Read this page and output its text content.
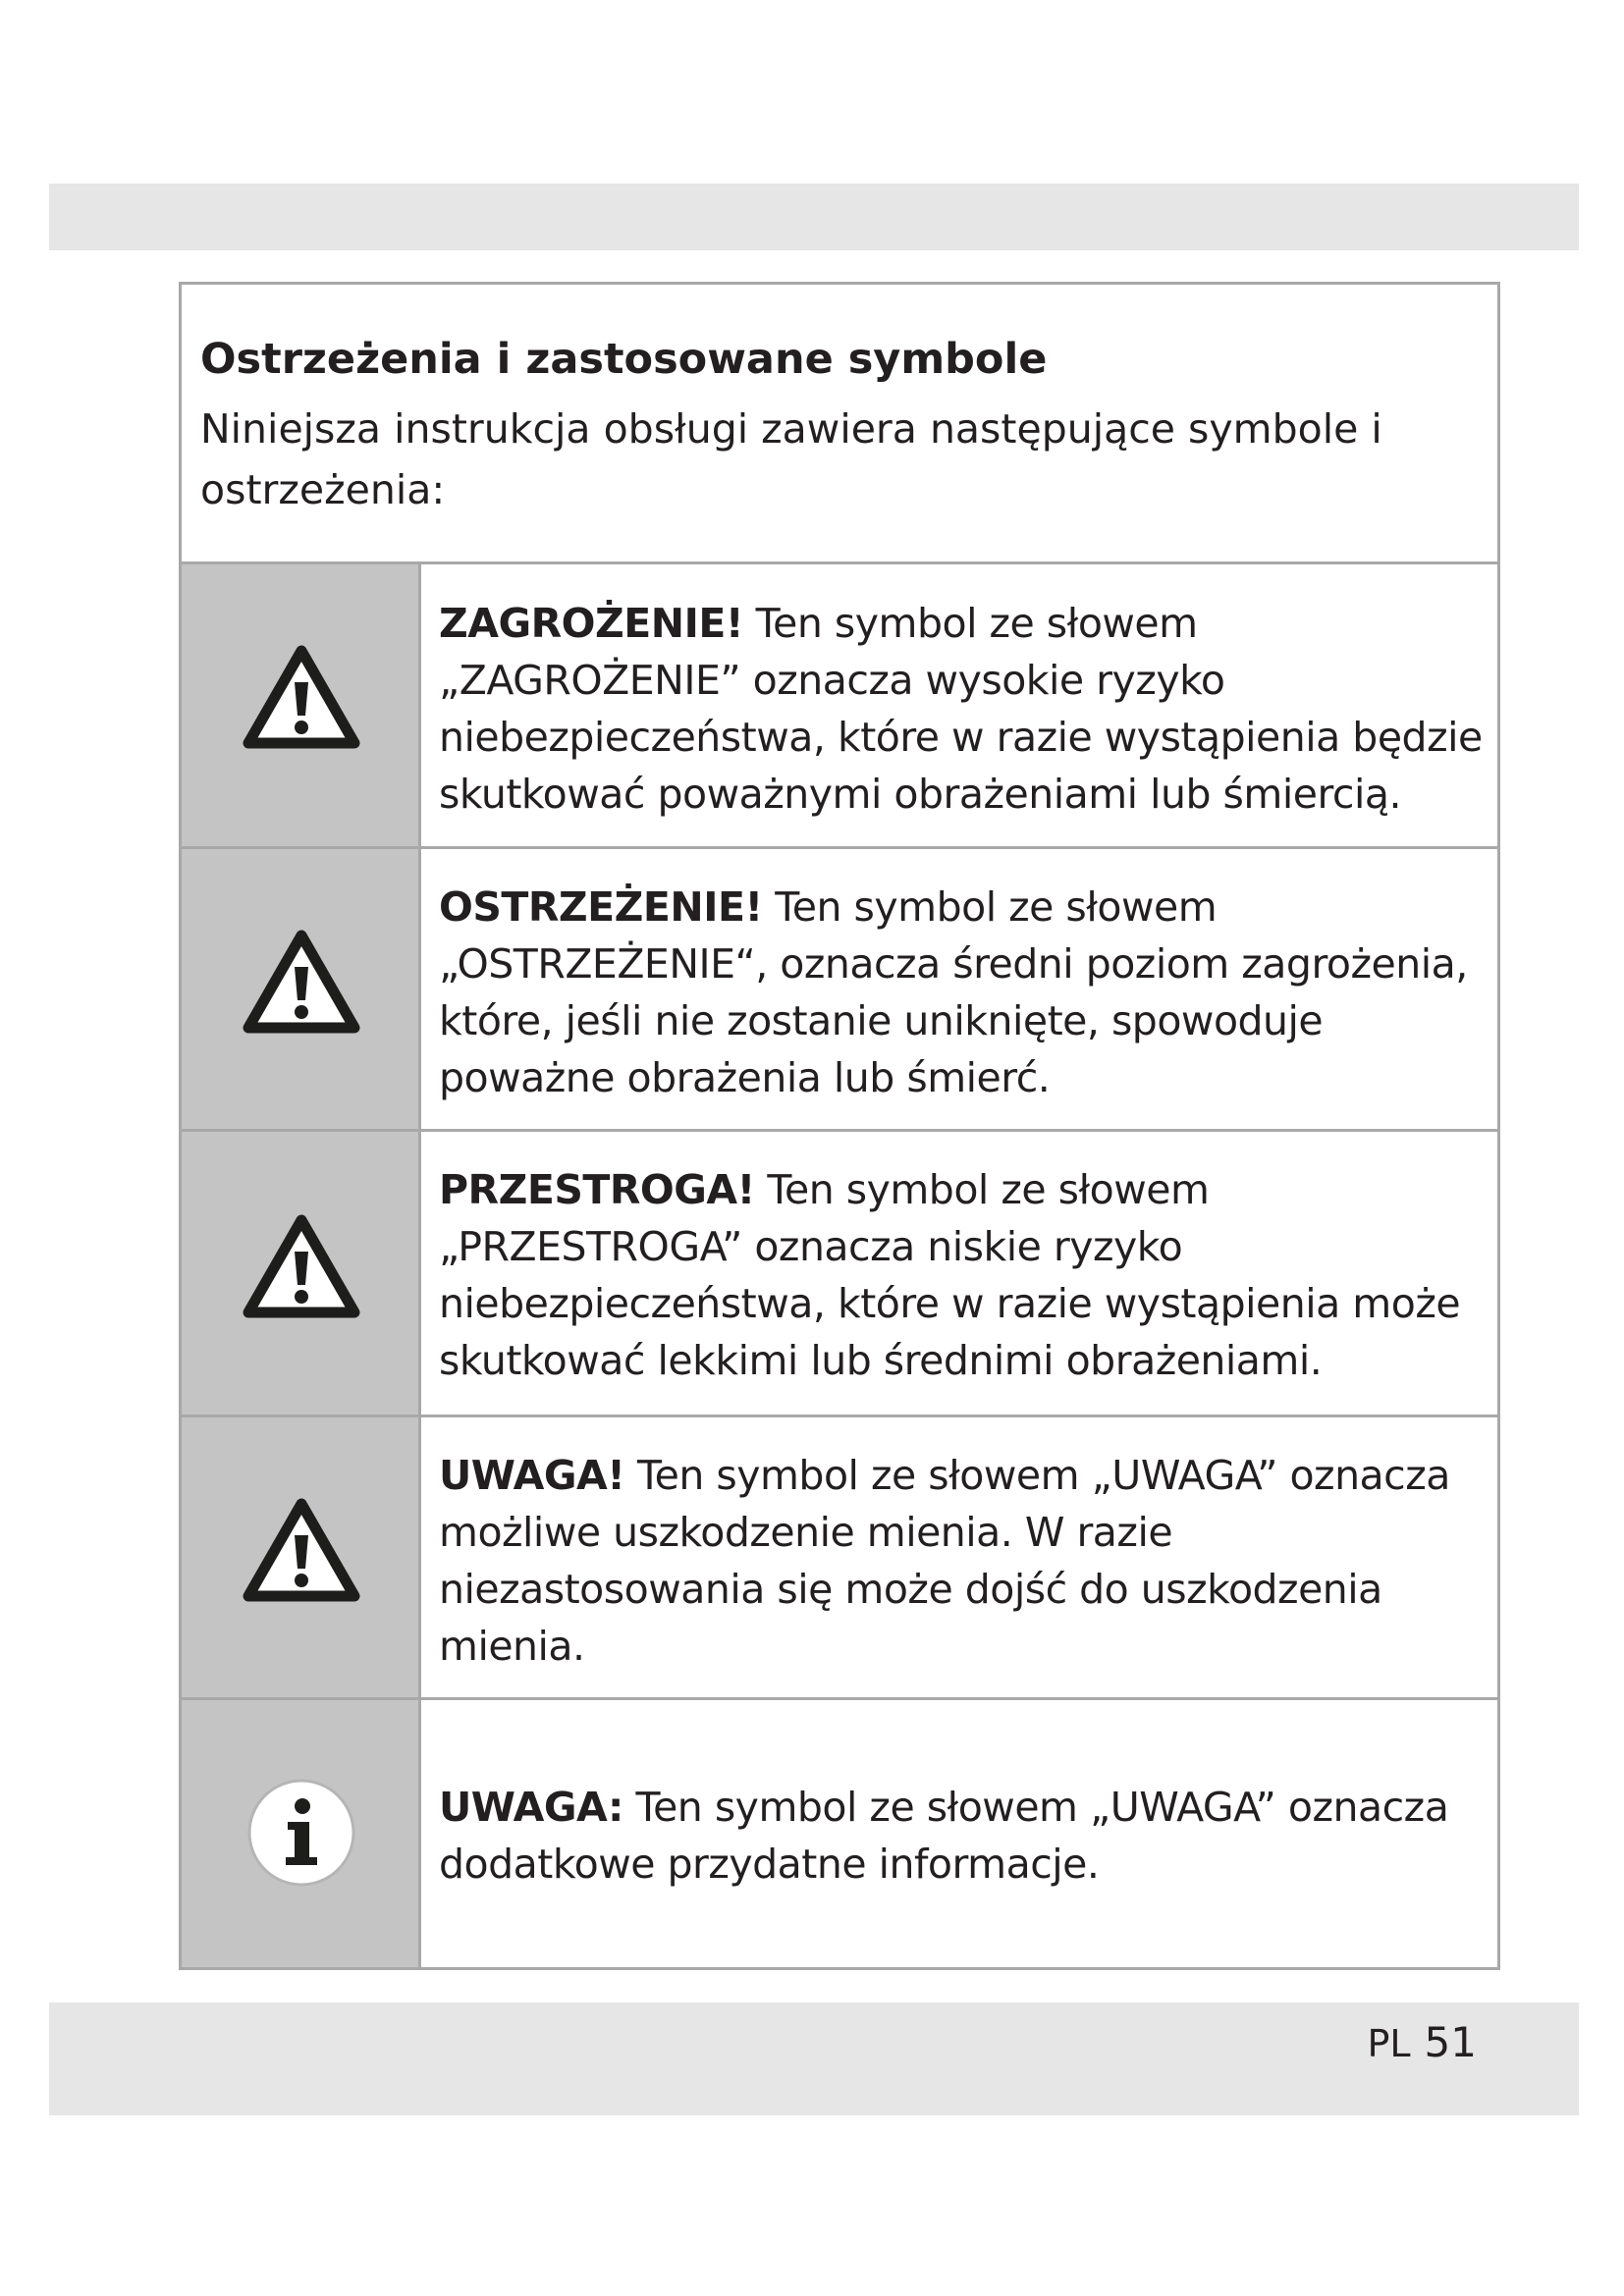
Ostrzeżenia i zastosowane symbole

Niniejsza instrukcja obsługi zawiera następujące symbole i ostrzeżenia:

ZAGROŻENIE! Ten symbol ze słowem „ZAGROŻENIE” oznacza wysokie ryzyko niebezpieczeństwa, które w razie wystąpienia będzie skutkować poważnymi obrażeniami lub śmiercią.
OSTRZEŻENIE! Ten symbol ze słowem „OSTRZEŻENIE“, oznacza średni poziom zagrożenia, które, jeśli nie zostanie uniknięte, spowoduje poważne obrażenia lub śmierć.
PRZESTROGA! Ten symbol ze słowem „PRZESTROGA” oznacza niskie ryzyko niebezpieczeństwa, które w razie wystąpienia może skutkować lekkimi lub średnimi obrażeniami.
UWAGA! Ten symbol ze słowem „UWAGA” oznacza możliwe uszkodzenie mienia. W razie niezastosowania się może dojść do uszkodzenia mienia.
UWAGA: Ten symbol ze słowem „UWAGA” oznacza dodatkowe przydatne informacje.
PL 51
